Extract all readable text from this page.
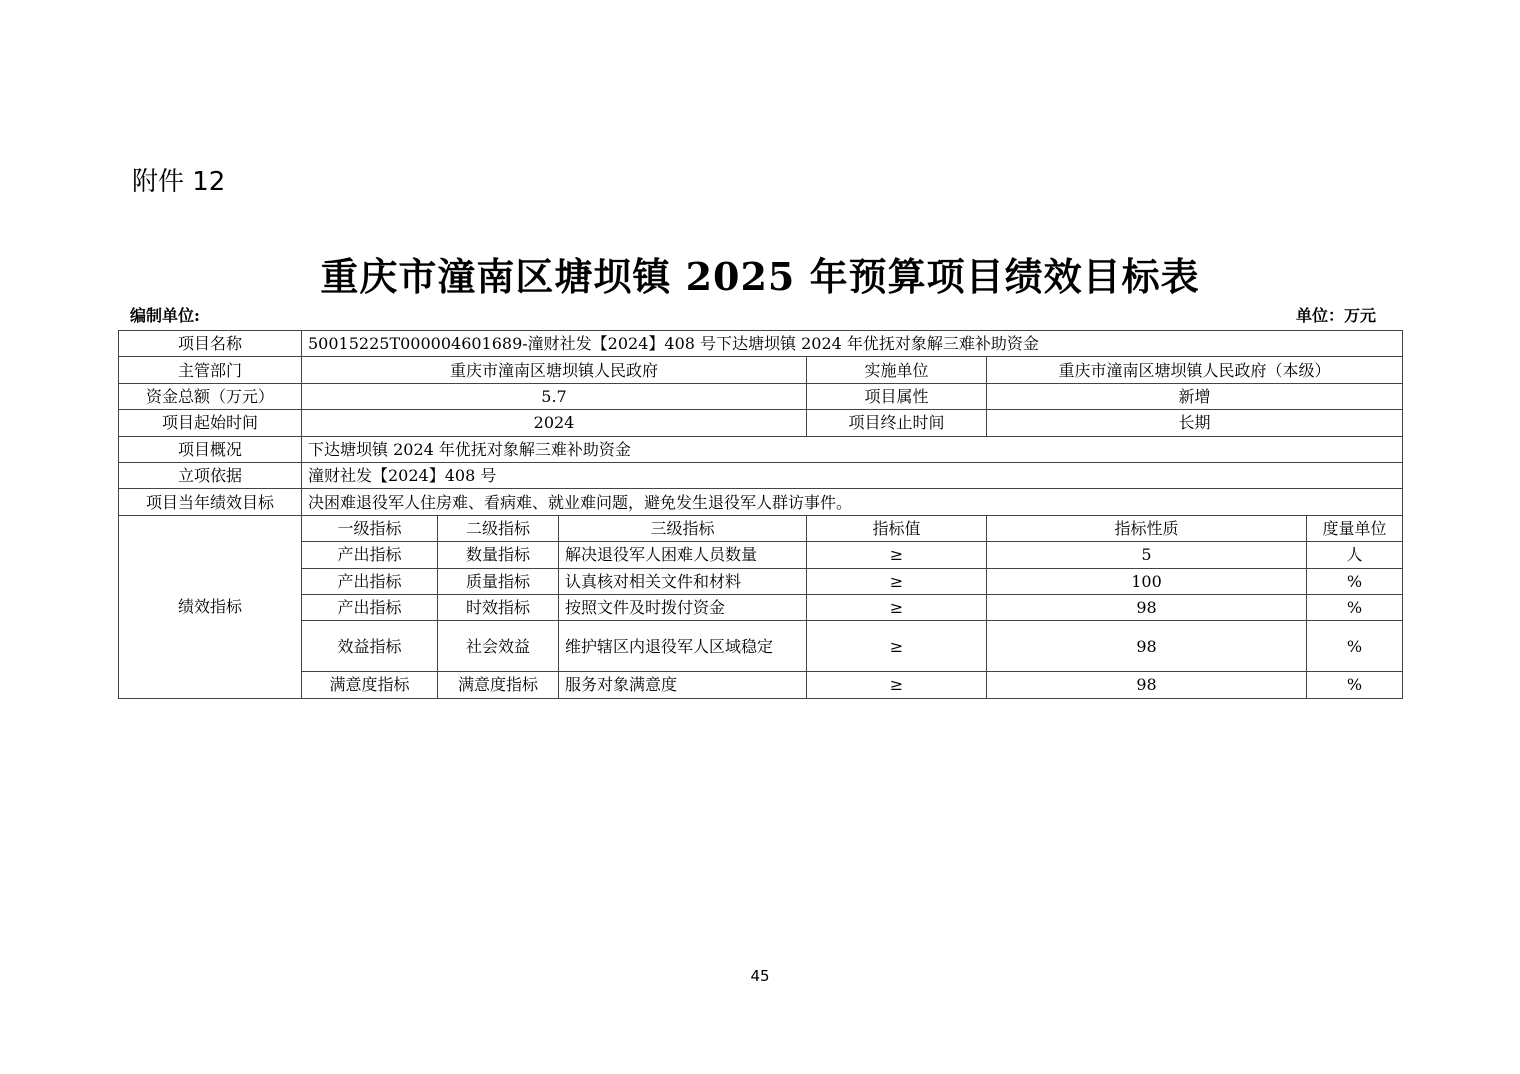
附件 12
重庆市潼南区塘坝镇 2025 年预算项目绩效目标表
编制单位:	单位：万元
项目名称	50015225T000004601689-潼财社发【2024】408 号下达塘坝镇 2024 年优抚对象解三难补助资金					
主管部门	重庆市潼南区塘坝镇人民政府			实施单位	重庆市潼南区塘坝镇人民政府（本级）	
资金总额（万元）	5.7			项目属性	新增	
项目起始时间	2024			项目终止时间	长期	
项目概况	下达塘坝镇 2024 年优抚对象解三难补助资金					
立项依据	潼财社发【2024】408 号					
项目当年绩效目标	决困难退役军人住房难、看病难、就业难问题，避免发生退役军人群访事件。					
绩效指标	一级指标	二级指标	三级指标	指标值	指标性质	度量单位
	产出指标	数量指标	解决退役军人困难人员数量	≥	5	人
	产出指标	质量指标	认真核对相关文件和材料	≥	100	%
	产出指标	时效指标	按照文件及时拨付资金	≥	98	%
	效益指标	社会效益	维护辖区内退役军人区域稳定	≥	98	%
	满意度指标	满意度指标	服务对象满意度	≥	98	%
45
